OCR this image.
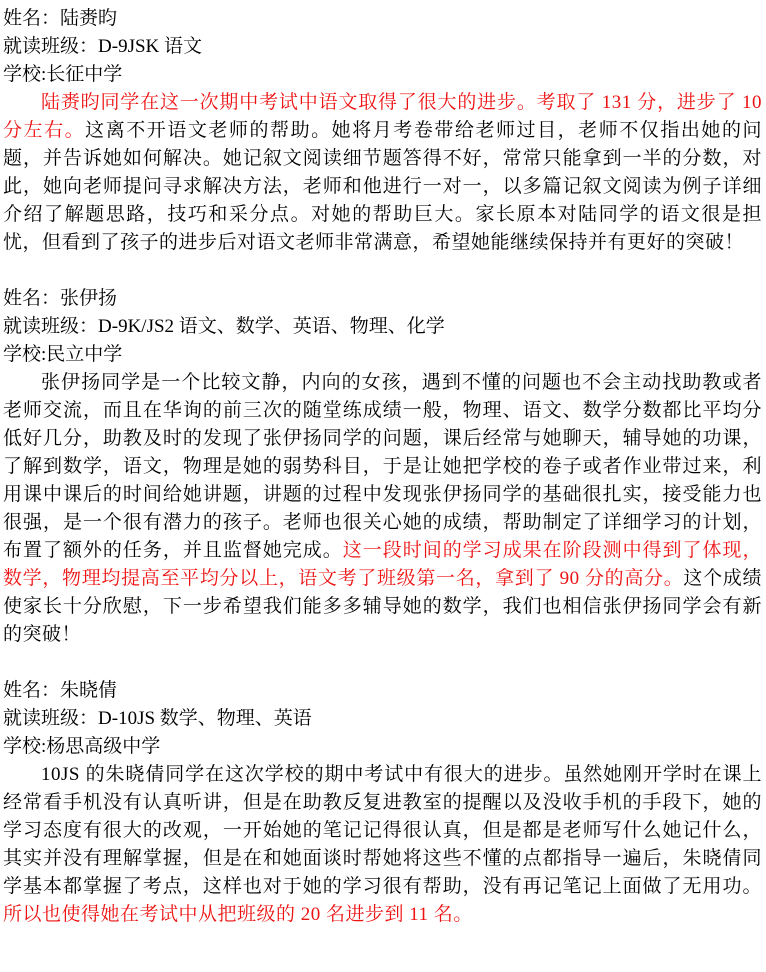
姓名：陆赉昀

就读班级：D-9JSK 语文

学校:长征中学

陆赉昀同学在这一次期中考试中语文取得了很大的进步。考取了 131 分，进步了 10 分左右。这离不开语文老师的帮助。她将月考卷带给老师过目，老师不仅指出她的问题，并告诉她如何解决。她记叙文阅读细节题答得不好，常常只能拿到一半的分数，对此，她向老师提问寻求解决方法，老师和他进行一对一，以多篇记叙文阅读为例子详细介绍了解题思路，技巧和采分点。对她的帮助巨大。家长原本对陆同学的语文很是担忧，但看到了孩子的进步后对语文老师非常满意，希望她能继续保持并有更好的突破！

姓名：张伊扬

就读班级：D-9K/JS2 语文、数学、英语、物理、化学

学校:民立中学

张伊扬同学是一个比较文静，内向的女孩，遇到不懂的问题也不会主动找助教或者老师交流，而且在华询的前三次的随堂练成绩一般，物理、语文、数学分数都比平均分低好几分，助教及时的发现了张伊扬同学的问题，课后经常与她聊天，辅导她的功课，了解到数学，语文，物理是她的弱势科目，于是让她把学校的卷子或者作业带过来，利用课中课后的时间给她讲题，讲题的过程中发现张伊扬同学的基础很扎实，接受能力也很强，是一个很有潜力的孩子。老师也很关心她的成绩，帮助制定了详细学习的计划，布置了额外的任务，并且监督她完成。这一段时间的学习成果在阶段测中得到了体现，数学，物理均提高至平均分以上，语文考了班级第一名，拿到了 90 分的高分。这个成绩使家长十分欣慰，下一步希望我们能多多辅导她的数学，我们也相信张伊扬同学会有新的突破！

姓名：朱晓倩

就读班级：D-10JS 数学、物理、英语

学校:杨思高级中学

10JS 的朱晓倩同学在这次学校的期中考试中有很大的进步。虽然她刚开学时在课上经常看手机没有认真听讲，但是在助教反复进教室的提醒以及没收手机的手段下，她的学习态度有很大的改观，一开始她的笔记记得很认真，但是都是老师写什么她记什么，其实并没有理解掌握，但是在和她面谈时帮她将这些不懂的点都指导一遍后，朱晓倩同学基本都掌握了考点，这样也对于她的学习很有帮助，没有再记笔记上面做了无用功。所以也使得她在考试中从把班级的 20 名进步到 11 名。
